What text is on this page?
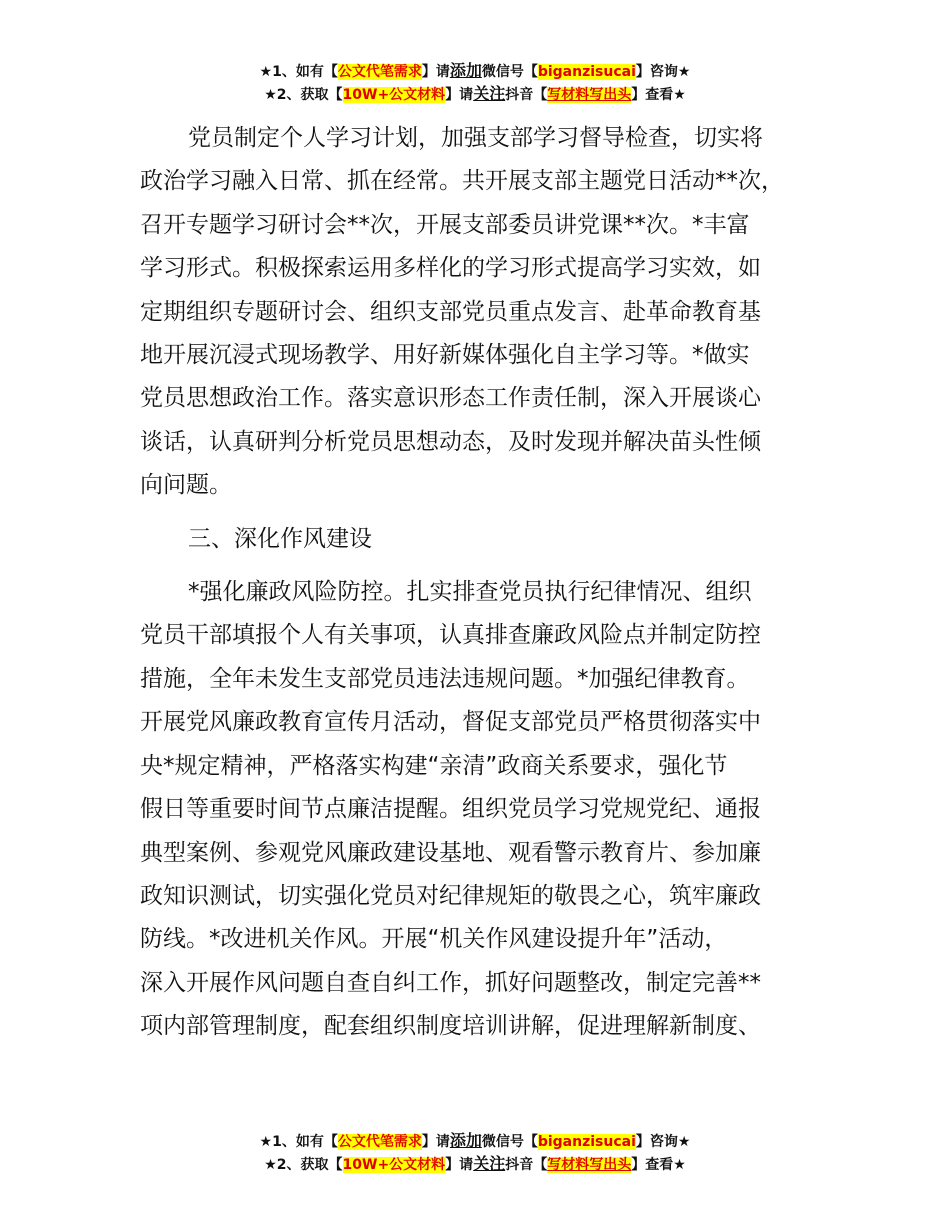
★1、如有【公文代笔需求】请添加微信号【biganzisucai】咨询★
★2、获取【10W+公文材料】请关注抖音【写材料写出头】查看★
党员制定个人学习计划，加强支部学习督导检查，切实将
政治学习融入日常、抓在经常。共开展支部主题党日活动**次，
召开专题学习研讨会**次，开展支部委员讲党课**次。*丰富
学习形式。积极探索运用多样化的学习形式提高学习实效，如
定期组织专题研讨会、组织支部党员重点发言、赴革命教育基
地开展沉浸式现场教学、用好新媒体强化自主学习等。*做实
党员思想政治工作。落实意识形态工作责任制，深入开展谈心
谈话，认真研判分析党员思想动态，及时发现并解决苗头性倾
向问题。
三、深化作风建设
*强化廉政风险防控。扎实排查党员执行纪律情况、组织
党员干部填报个人有关事项，认真排查廉政风险点并制定防控
措施，全年未发生支部党员违法违规问题。*加强纪律教育。
开展党风廉政教育宣传月活动，督促支部党员严格贯彻落实中
央*规定精神，严格落实构建“亲清”政商关系要求，强化节
假日等重要时间节点廉洁提醒。组织党员学习党规党纪、通报
典型案例、参观党风廉政建设基地、观看警示教育片、参加廉
政知识测试，切实强化党员对纪律规矩的敬畏之心，筑牢廉政
防线。*改进机关作风。开展“机关作风建设提升年”活动，
深入开展作风问题自查自纠工作，抓好问题整改，制定完善**
项内部管理制度，配套组织制度培训讲解，促进理解新制度、
★1、如有【公文代笔需求】请添加微信号【biganzisucai】咨询★
★2、获取【10W+公文材料】请关注抖音【写材料写出头】查看★
